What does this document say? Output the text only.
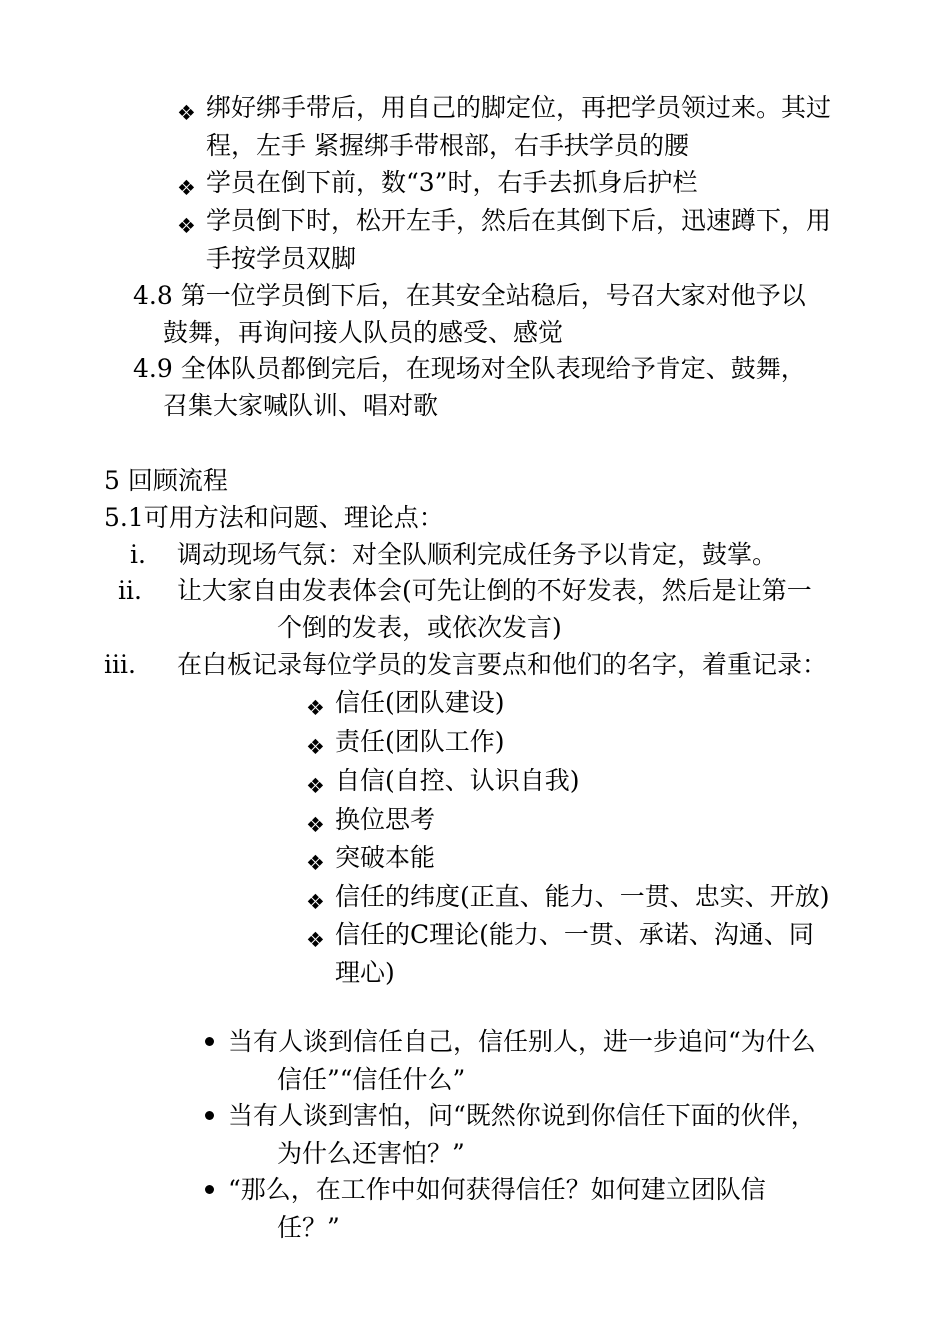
❖ 绑好绑手带后，用自己的脚定位，再把学员领过来。其过
程，左手 紧握绑手带根部，右手扶学员的腰
❖ 学员在倒下前，数“3”时，右手去抓身后护栏
❖ 学员倒下时，松开左手，然后在其倒下后，迅速蹲下，用
手按学员双脚
4.8 第一位学员倒下后，在其安全站稳后，号召大家对他予以
鼓舞，再询问接人队员的感受、感觉
4.9 全体队员都倒完后，在现场对全队表现给予肯定、鼓舞，
召集大家喊队训、唱对歌
5 回顾流程
5.1可用方法和问题、理论点：
i. 调动现场气氛：对全队顺利完成任务予以肯定，鼓掌。
ii. 让大家自由发表体会(可先让倒的不好发表，然后是让第一
个倒的发表，或依次发言)
iii. 在白板记录每位学员的发言要点和他们的名字，着重记录：
❖ 信任(团队建设)
❖ 责任(团队工作)
❖ 自信(自控、认识自我)
❖ 换位思考
❖ 突破本能
❖ 信任的纬度(正直、能力、一贯、忠实、开放)
❖ 信任的C理论(能力、一贯、承诺、沟通、同
理心)
当有人谈到信任自己，信任别人，进一步追问“为什么
信任”“信任什么”
当有人谈到害怕，问“既然你说到你信任下面的伙伴，
为什么还害怕？”
“那么，在工作中如何获得信任？如何建立团队信
任？”
